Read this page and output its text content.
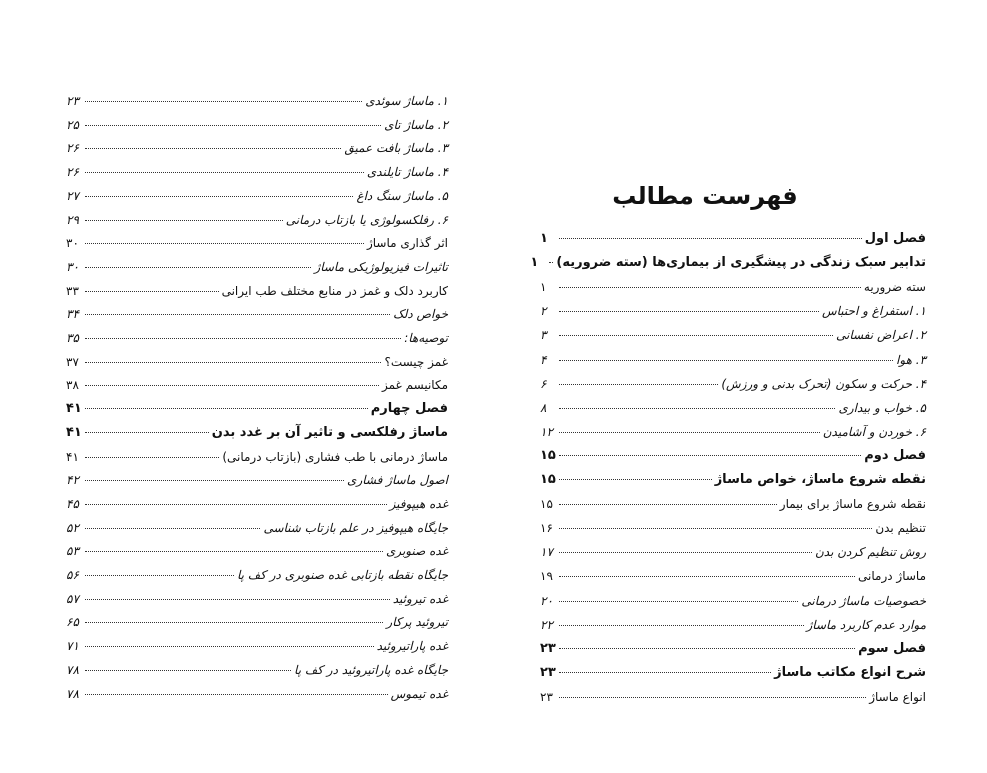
فهرست مطالب
۱. ماساژ سوئدی
۲۳
۲. ماساژ تای
۲۵
۳. ماساژ بافت عمیق
۲۶
۴. ماساژ تایلندی
۲۶
۵. ماساژ سنگ داغ
۲۷
۶. رفلکسولوژی یا بازتاب درمانی
۲۹
اثر گذاری ماساژ
۳۰
تاثیرات فیزیولوژیکی ماساژ
۳۰
کاربرد دلک و غمز در منابع مختلف طب ایرانی
۳۳
خواص دلک
۳۴
توصیه‌ها:
۳۵
غمز چیست؟
۳۷
مکانیسم غمز
۳۸
فصل چهارم
۴۱
ماساژ رفلکسی و تاثیر آن بر غدد بدن
۴۱
ماساژ درمانی با طب فشاری (بازتاب درمانی)
۴۱
اصول ماساژ فشاری
۴۲
غده هیپوفیز
۴۵
جایگاه هیپوفیز در علم بازتاب شناسی
۵۲
غده صنوبری
۵۳
جایگاه نقطه بازتابی غده صنوبری در کف پا
۵۶
غده تیروئید
۵۷
تیروئید پرکار
۶۵
غده پاراتیروئید
۷۱
جایگاه غده پاراتیروئید در کف پا
۷۸
غده تیموس
۷۸
فصل اول
۱
تدابیر سبک زندگی در پیشگیری از بیماری‌ها (سته ضروریه)
۱
سته ضروریه
۱
۱. استفراغ و احتباس
۲
۲. اعراض نفسانی
۳
۳. هوا
۴
۴. حرکت و سکون (تحرک بدنی و ورزش)
۶
۵. خواب و بیداری
۸
۶. خوردن و آشامیدن
۱۲
فصل دوم
۱۵
نقطه شروع ماساژ، خواص ماساژ
۱۵
نقطه شروع ماساژ برای بیمار
۱۵
تنظیم بدن
۱۶
روش تنظیم کردن بدن
۱۷
ماساژ درمانی
۱۹
خصوصیات ماساژ درمانی
۲۰
موارد عدم کاربرد ماساژ
۲۲
فصل سوم
۲۳
شرح انواع مکاتب ماساژ
۲۳
انواع ماساژ
۲۳
